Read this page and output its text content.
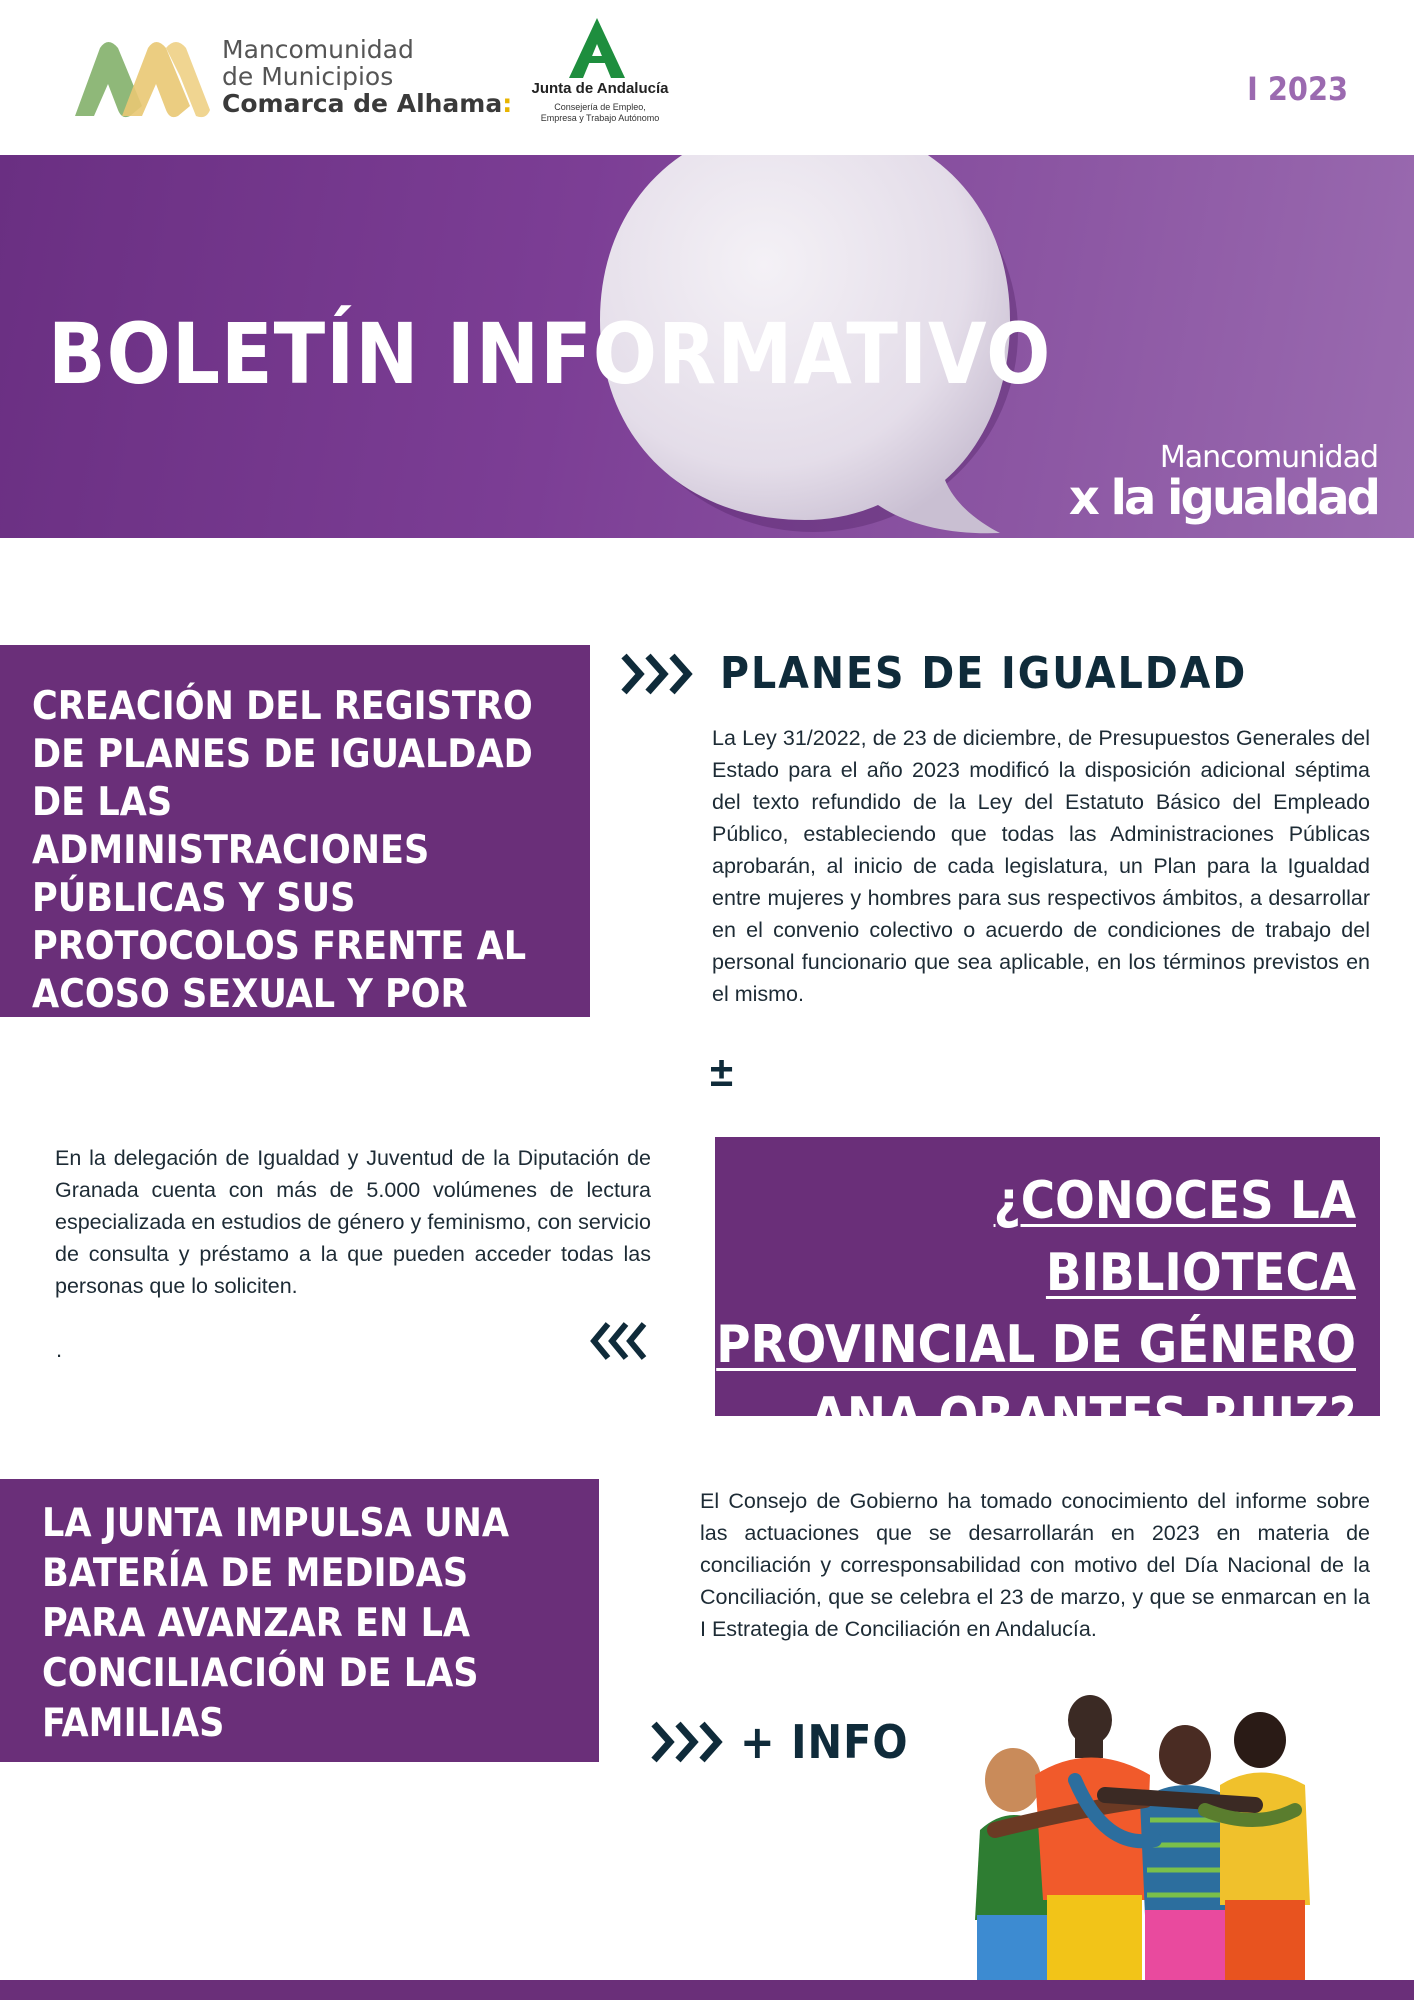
Mancomunidad
de Municipios
Comarca de Alhama:
Junta de Andalucía
Consejería de Empleo,
Empresa y Trabajo Autónomo
I 2023
BOLETÍN INFORMATIVO
Mancomunidad
x la igualdad
CREACIÓN DEL REGISTRO DE PLANES DE IGUALDAD DE LAS ADMINISTRACIONES PÚBLICAS Y SUS PROTOCOLOS FRENTE AL ACOSO SEXUAL Y POR RAZÓN DE SEXO
PLANES DE IGUALDAD
La Ley 31/2022, de 23 de diciembre, de Presupuestos Generales del Estado para el año 2023 modificó la disposición adicional séptima del texto refundido de la Ley del Estatuto Básico del Empleado Público, estableciendo que todas las Administraciones Públicas aprobarán, al inicio de cada legislatura, un Plan para la Igualdad entre mujeres y hombres para sus respectivos ámbitos, a desarrollar en el convenio colectivo o acuerdo de condiciones de trabajo del personal funcionario que sea aplicable, en los términos previstos en el mismo.
±
En la delegación de Igualdad y Juventud de la Diputación de Granada cuenta con más de 5.000 volúmenes de lectura especializada en estudios de género y feminismo, con servicio de consulta y préstamo a la que pueden acceder todas las personas que lo soliciten.
.
¿CONOCES LA BIBLIOTECA
PROVINCIAL DE GÉNERO
ANA ORANTES RUIZ?
LA JUNTA IMPULSA UNA BATERÍA DE MEDIDAS PARA AVANZAR EN LA CONCILIACIÓN DE LAS FAMILIAS
El Consejo de Gobierno ha tomado conocimiento del informe sobre las actuaciones que se desarrollarán en 2023 en materia de conciliación y corresponsabilidad con motivo del Día Nacional de la Conciliación, que se celebra el 23 de marzo, y que se enmarcan en la I Estrategia de Conciliación en Andalucía.
+ INFO
